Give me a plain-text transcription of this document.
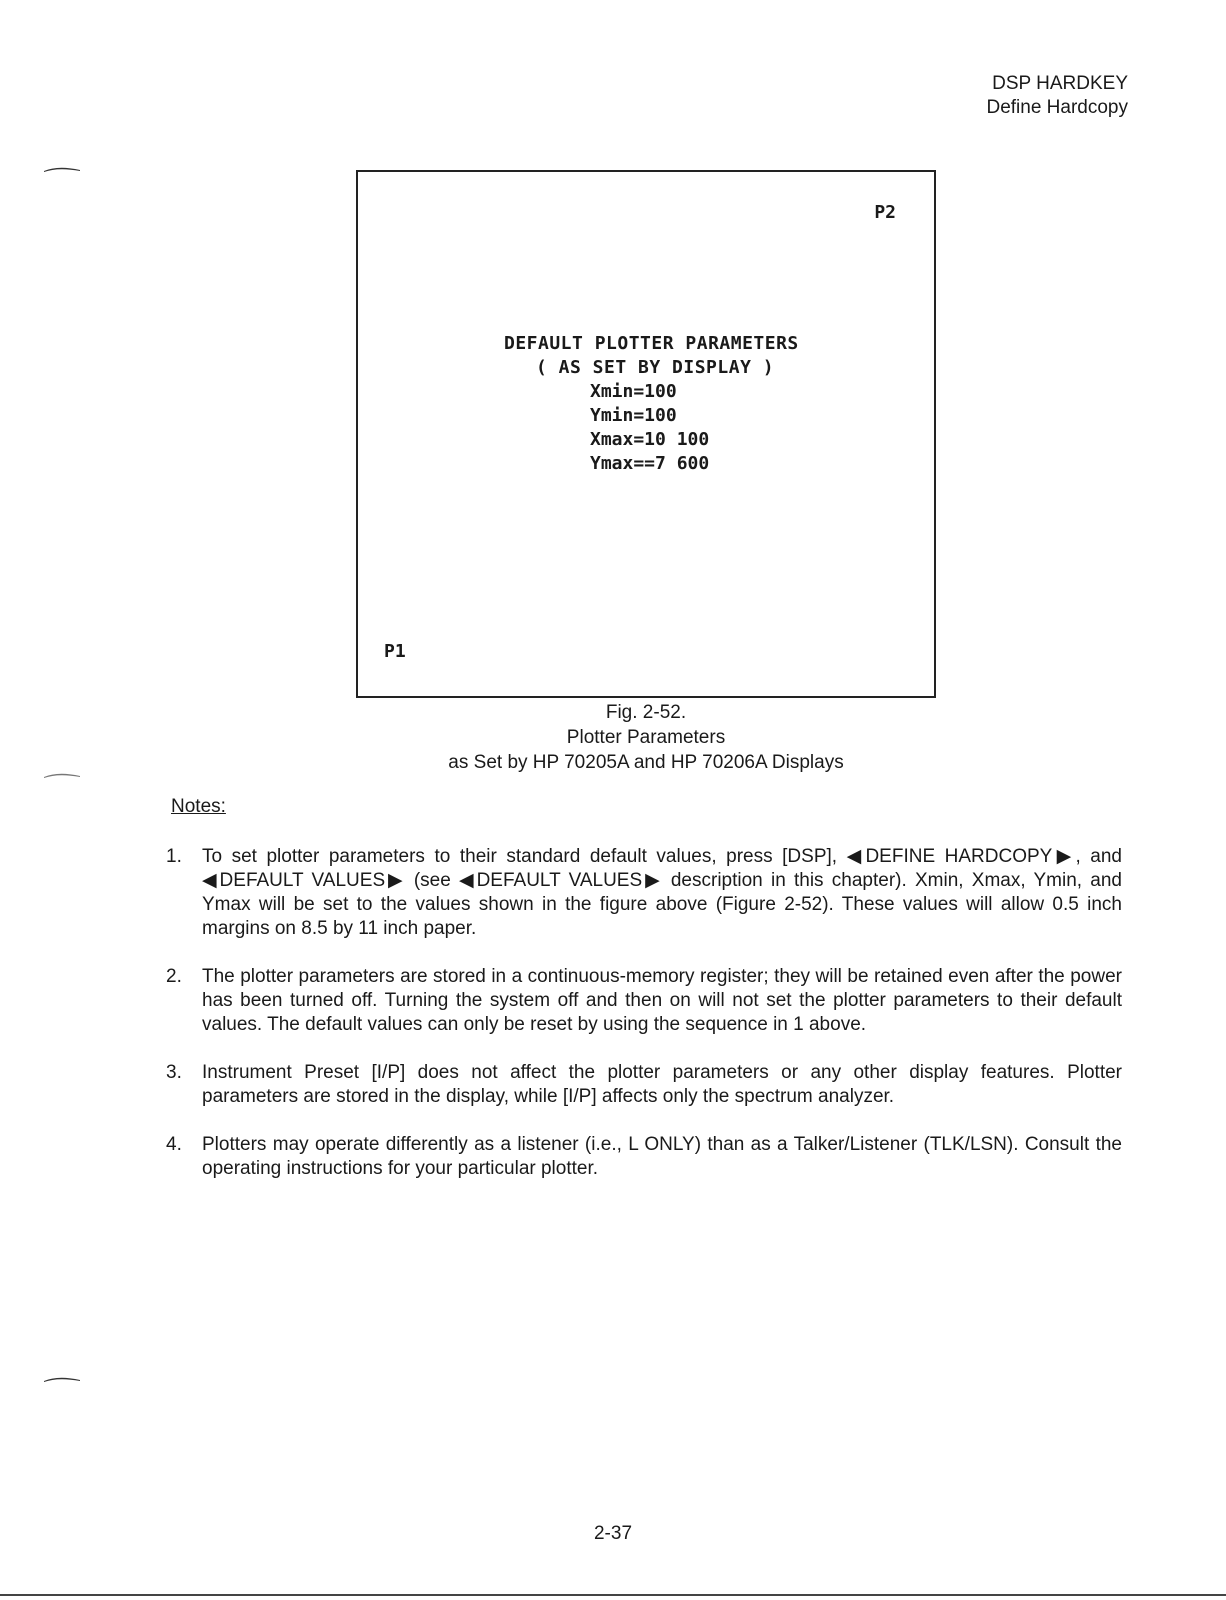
DSP HARDKEY
Define Hardcopy
P2
DEFAULT PLOTTER PARAMETERS
( AS SET BY DISPLAY )
Xmin=100
Ymin=100
Xmax=10 100
Ymax==7 600
P1
Fig. 2-52.
Plotter Parameters
as Set by HP 70205A and HP 70206A Displays
Notes:
1.	To set plotter parameters to their standard default values, press [DSP], ◀DEFINE HARDCOPY▶, and ◀DEFAULT VALUES▶ (see ◀DEFAULT VALUES▶ description in this chapter). Xmin, Xmax, Ymin, and Ymax will be set to the values shown in the figure above (Figure 2-52). These values will allow 0.5 inch margins on 8.5 by 11 inch paper.
2.	The plotter parameters are stored in a continuous-memory register; they will be retained even after the power has been turned off. Turning the system off and then on will not set the plotter parameters to their default values. The default values can only be reset by using the sequence in 1 above.
3.	Instrument Preset [I/P] does not affect the plotter parameters or any other display features. Plotter parameters are stored in the display, while [I/P] affects only the spectrum analyzer.
4.	Plotters may operate differently as a listener (i.e., L ONLY) than as a Talker/Listener (TLK/LSN). Consult the operating instructions for your particular plotter.
2-37
